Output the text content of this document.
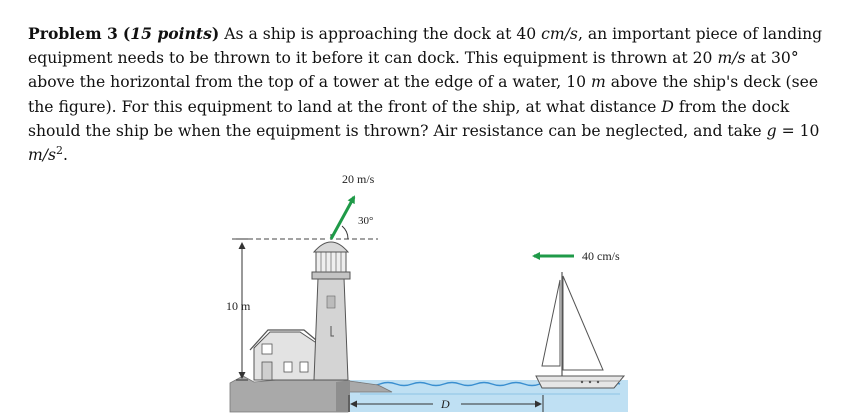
Problem 3 (15 points) As a ship is approaching the dock at 40 cm/s, an important piece of landing equipment needs to be thrown to it before it can dock. This equipment is thrown at 20 m/s at 30° above the horizontal from the top of a tower at the edge of a water, 10 m above the ship's deck (see the figure). For this equipment to land at the front of the ship, at what distance D from the dock should the ship be when the equipment is thrown? Air resistance can be neglected, and take g = 10 $m/s^2$.

20 m/s
30°
40 cm/s
10 m
D
